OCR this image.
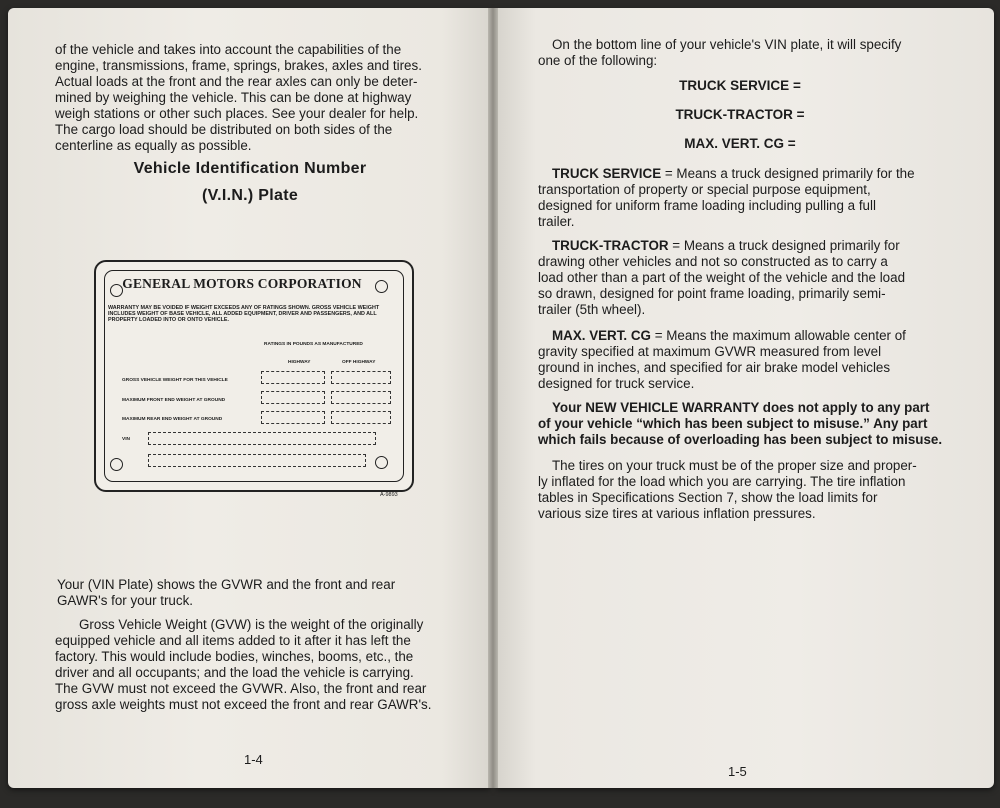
of the vehicle and takes into account the capabilities of the
engine, transmissions, frame, springs, brakes, axles and tires.
Actual loads at the front and the rear axles can only be deter-
mined by weighing the vehicle. This can be done at highway
weigh stations or other such places. See your dealer for help.
The cargo load should be distributed on both sides of the
centerline as equally as possible.
Vehicle Identification Number
(V.I.N.) Plate
GENERAL MOTORS CORPORATION
WARRANTY MAY BE VOIDED IF WEIGHT EXCEEDS ANY OF RATINGS SHOWN. GROSS VEHICLE WEIGHT INCLUDES WEIGHT OF BASE VEHICLE, ALL ADDED EQUIPMENT, DRIVER AND PASSENGERS, AND ALL PROPERTY LOADED INTO OR ONTO VEHICLE.
RATINGS IN POUNDS AS MANUFACTURED
HIGHWAY	OFF HIGHWAY
GROSS VEHICLE WEIGHT FOR THIS VEHICLE
MAXIMUM FRONT END WEIGHT AT GROUND
MAXIMUM REAR END WEIGHT AT GROUND
VIN
A-9893
Your (VIN Plate) shows the GVWR and the front and rear
GAWR's for your truck.
Gross Vehicle Weight (GVW) is the weight of the originally
equipped vehicle and all items added to it after it has left the
factory. This would include bodies, winches, booms, etc., the
driver and all occupants; and the load the vehicle is carrying.
The GVW must not exceed the GVWR. Also, the front and rear
gross axle weights must not exceed the front and rear GAWR's.
1-4
On the bottom line of your vehicle's VIN plate, it will specify
one of the following:
TRUCK SERVICE =
TRUCK-TRACTOR =
MAX. VERT. CG =
TRUCK SERVICE = Means a truck designed primarily for the
transportation of property or special purpose equipment,
designed for uniform frame loading including pulling a full
trailer.
TRUCK-TRACTOR = Means a truck designed primarily for
drawing other vehicles and not so constructed as to carry a
load other than a part of the weight of the vehicle and the load
so drawn, designed for point frame loading, primarily semi-
trailer (5th wheel).
MAX. VERT. CG = Means the maximum allowable center of
gravity specified at maximum GVWR measured from level
ground in inches, and specified for air brake model vehicles
designed for truck service.
Your NEW VEHICLE WARRANTY does not apply to any part
of your vehicle “which has been subject to misuse.” Any part
which fails because of overloading has been subject to misuse.
The tires on your truck must be of the proper size and proper-
ly inflated for the load which you are carrying. The tire inflation
tables in Specifications Section 7, show the load limits for
various size tires at various inflation pressures.
1-5
